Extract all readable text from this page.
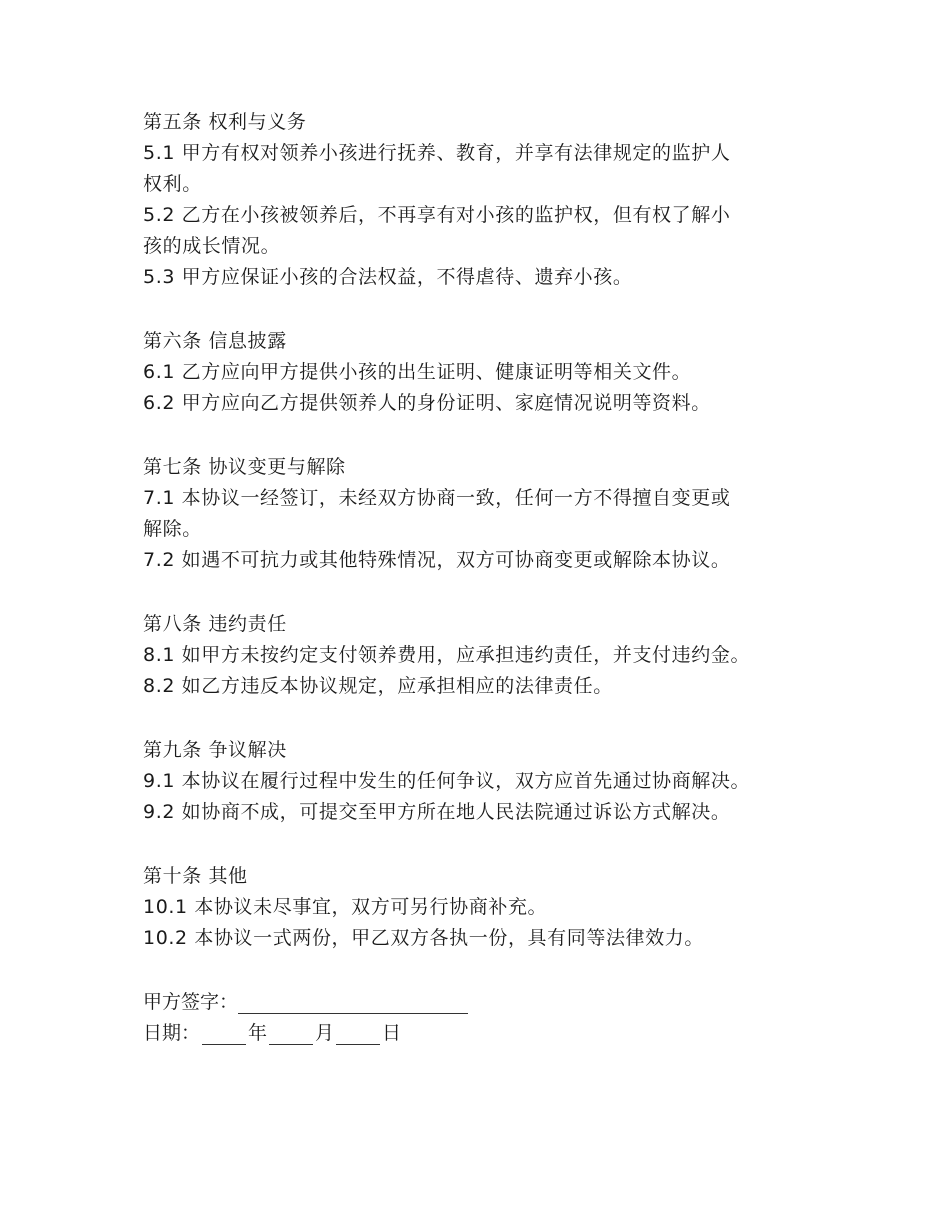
第五条 权利与义务
5.1 甲方有权对领养小孩进行抚养、教育，并享有法律规定的监护人
权利。
5.2 乙方在小孩被领养后，不再享有对小孩的监护权，但有权了解小
孩的成长情况。
5.3 甲方应保证小孩的合法权益，不得虐待、遗弃小孩。
第六条 信息披露
6.1 乙方应向甲方提供小孩的出生证明、健康证明等相关文件。
6.2 甲方应向乙方提供领养人的身份证明、家庭情况说明等资料。
第七条 协议变更与解除
7.1 本协议一经签订，未经双方协商一致，任何一方不得擅自变更或
解除。
7.2 如遇不可抗力或其他特殊情况，双方可协商变更或解除本协议。
第八条 违约责任
8.1 如甲方未按约定支付领养费用，应承担违约责任，并支付违约金。
8.2 如乙方违反本协议规定，应承担相应的法律责任。
第九条 争议解决
9.1 本协议在履行过程中发生的任何争议，双方应首先通过协商解决。
9.2 如协商不成，可提交至甲方所在地人民法院通过诉讼方式解决。
第十条 其他
10.1 本协议未尽事宜，双方可另行协商补充。
10.2 本协议一式两份，甲乙双方各执一份，具有同等法律效力。
甲方签字：
日期：	年	月	日
